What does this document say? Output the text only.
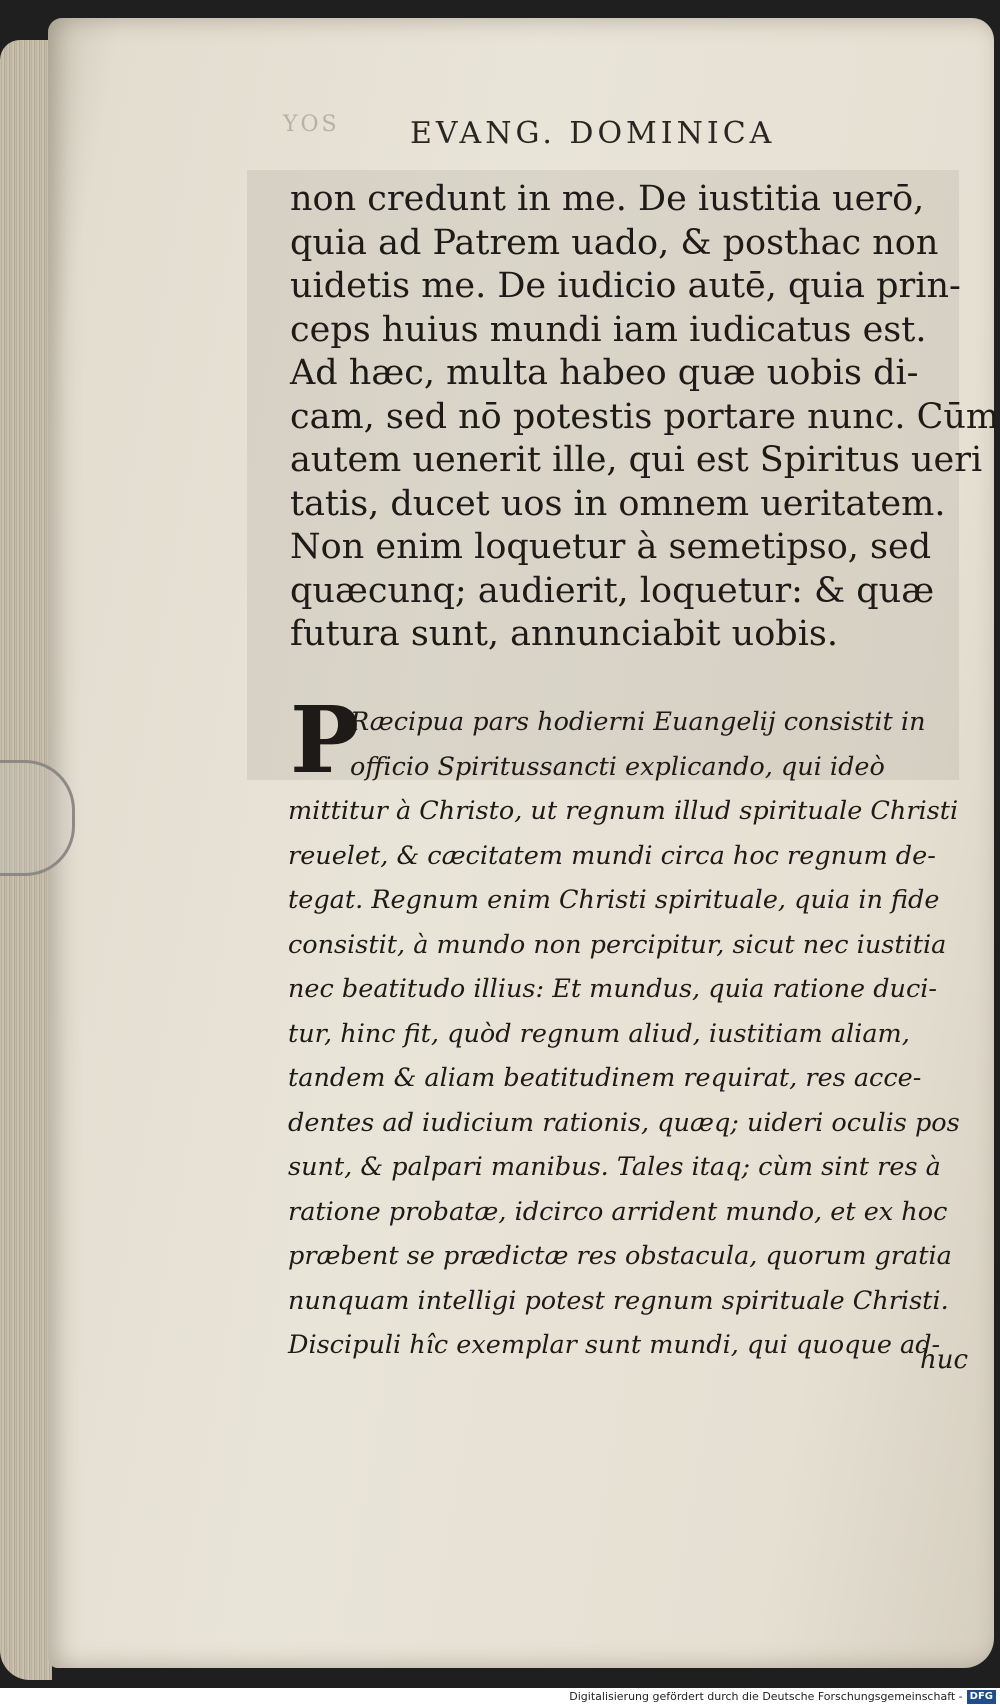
YOS EVANG. DOMINICA
non credunt in me. De iustitia uerō,
quia ad Patrem uado, & posthac non
uidetis me. De iudicio autē, quia prin-
ceps huius mundi iam iudicatus est.
Ad hæc, multa habeo quæ uobis di-
cam, sed nō potestis portare nunc. Cūm
autem uenerit ille, qui est Spiritus ueri
tatis, ducet uos in omnem ueritatem.
Non enim loquetur à semetipso, sed
quæcunq; audierit, loquetur: & quæ
futura sunt, annunciabit uobis.
P
Ræcipua pars hodierni Euangelij consistit in
officio Spiritussancti explicando, qui ideò
mittitur à Christo, ut regnum illud spirituale Christi
reuelet, & cæcitatem mundi circa hoc regnum de-
tegat. Regnum enim Christi spirituale, quia in fide
consistit, à mundo non percipitur, sicut nec iustitia
nec beatitudo illius: Et mundus, quia ratione duci-
tur, hinc fit, quòd regnum aliud, iustitiam aliam,
tandem & aliam beatitudinem requirat, res acce-
dentes ad iudicium rationis, quæq; uideri oculis pos
sunt, & palpari manibus. Tales itaq; cùm sint res à
ratione probatæ, idcirco arrident mundo, et ex hoc
præbent se prædictæ res obstacula, quorum gratia
nunquam intelligi potest regnum spirituale Christi.
Discipuli hîc exemplar sunt mundi, qui quoque ad-
huc
Digitalisierung gefördert durch die Deutsche Forschungsgemeinschaft - DFG
